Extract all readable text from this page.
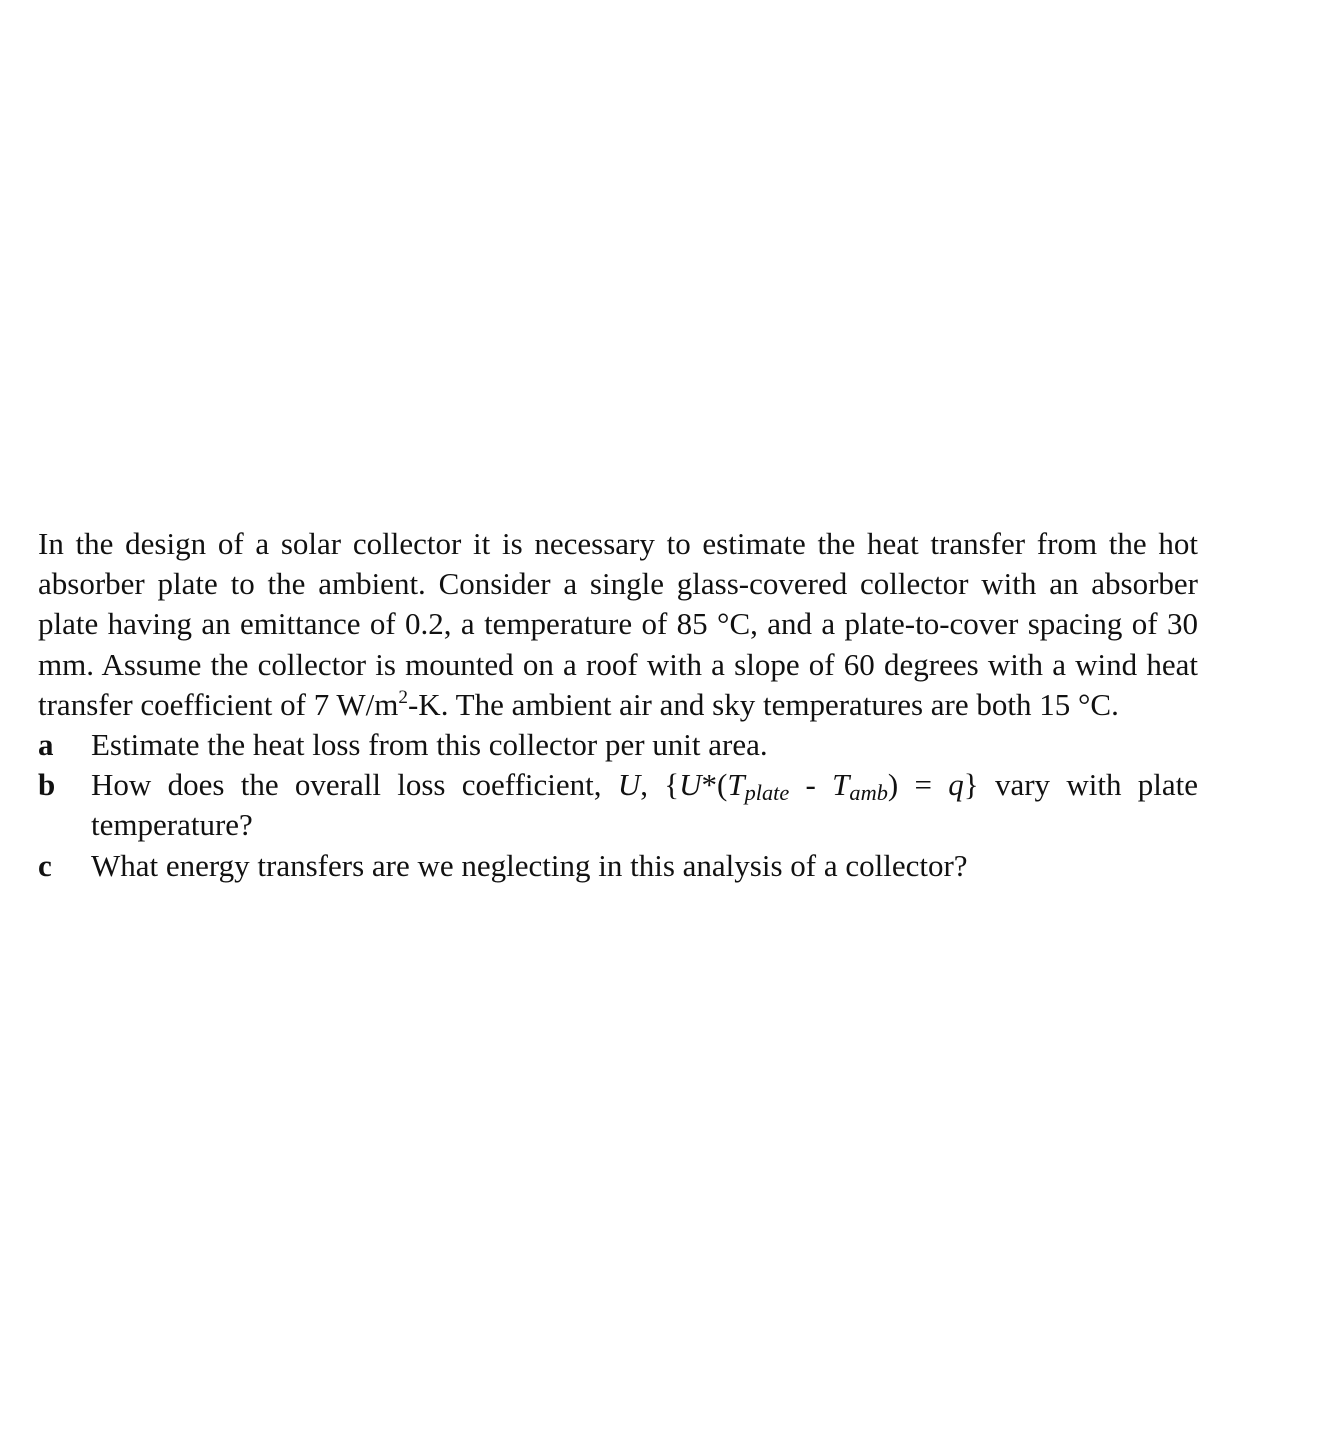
In the design of a solar collector it is necessary to estimate the heat transfer from the hot absorber plate to the ambient. Consider a single glass-covered collector with an absorber plate having an emittance of 0.2, a temperature of 85 °C, and a plate-to-cover spacing of 30 mm. Assume the collector is mounted on a roof with a slope of 60 degrees with a wind heat transfer coefficient of 7 $W/m^2-K$. The ambient air and sky temperatures are both 15 °C.

a Estimate the heat loss from this collector per unit area.
b How does the overall loss coefficient, U, $\{U*(T_{plate} - T_{amb}) = q\}$ vary with plate temperature?
c What energy transfers are we neglecting in this analysis of a collector?
